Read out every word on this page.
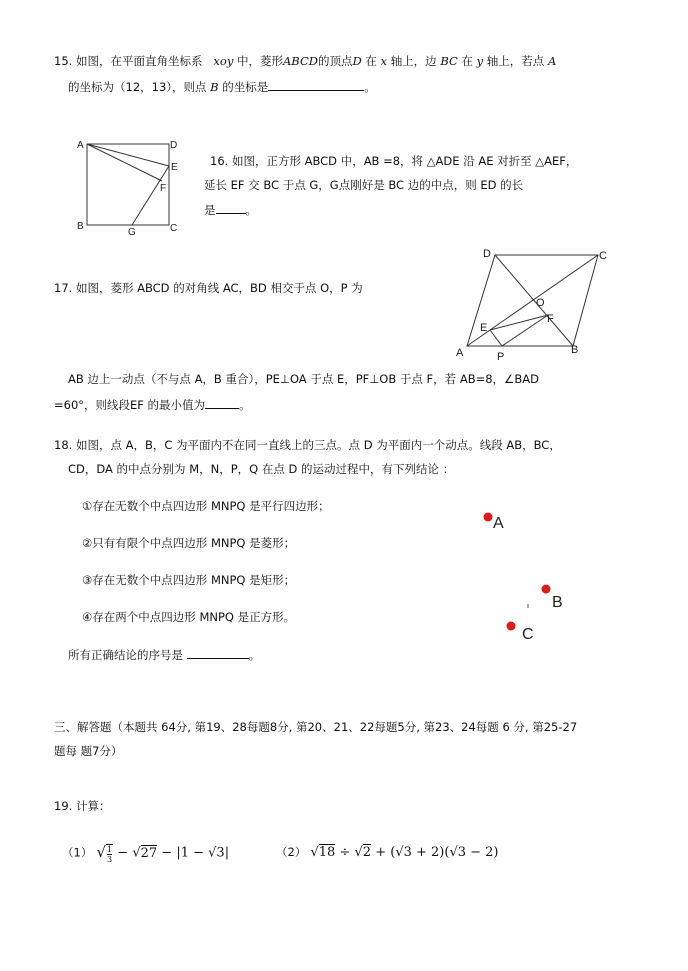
15. 如图，在平面直角坐标系 xoy 中，菱形ABCD的顶点D 在 x 轴上，边 BC 在 y 轴上，若点 A
的坐标为（12，13），则点 B 的坐标是	。
A	D
E
F
B
G	C
16. 如图，正方形 ABCD 中，AB =8，将 △ADE 沿 AE 对折至 △AEF，
延长 EF 交 BC 于点 G，G点刚好是 BC 边的中点，则 ED 的长
是	。
D	C
O
F
E
A	P
B
17. 如图，菱形 ABCD 的对角线 AC，BD 相交于点 O，P 为
AB 边上一动点（不与点 A，B 重合），PE⊥OA 于点 E，PF⊥OB 于点 F，若 AB=8，∠BAD
=60°，则线段EF 的最小值为	。
18. 如图，点 A，B，C 为平面内不在同一直线上的三点。点 D 为平面内一个动点。线段 AB，BC，
CD，DA 的中点分别为 M，N，P，Q 在点 D 的运动过程中，有下列结论 ：
①存在无数个中点四边形 MNPQ 是平行四边形；
②只有有限个中点四边形 MNPQ 是菱形；
③存在无数个中点四边形 MNPQ 是矩形；
④存在两个中点四边形 MNPQ 是正方形。
所有正确结论的序号是	。
A
B
C
三、解答题（本题共 64分, 第19、28每题8分, 第20、21、22每题5分, 第23、24每题 6 分, 第25-27
题每 题7分）
19. 计算：
（1） √ $\frac{1}{3} - √27 - |1 - √3|$	（2） √18 ÷ √2 + (√3 + 2)(√3 − 2)
